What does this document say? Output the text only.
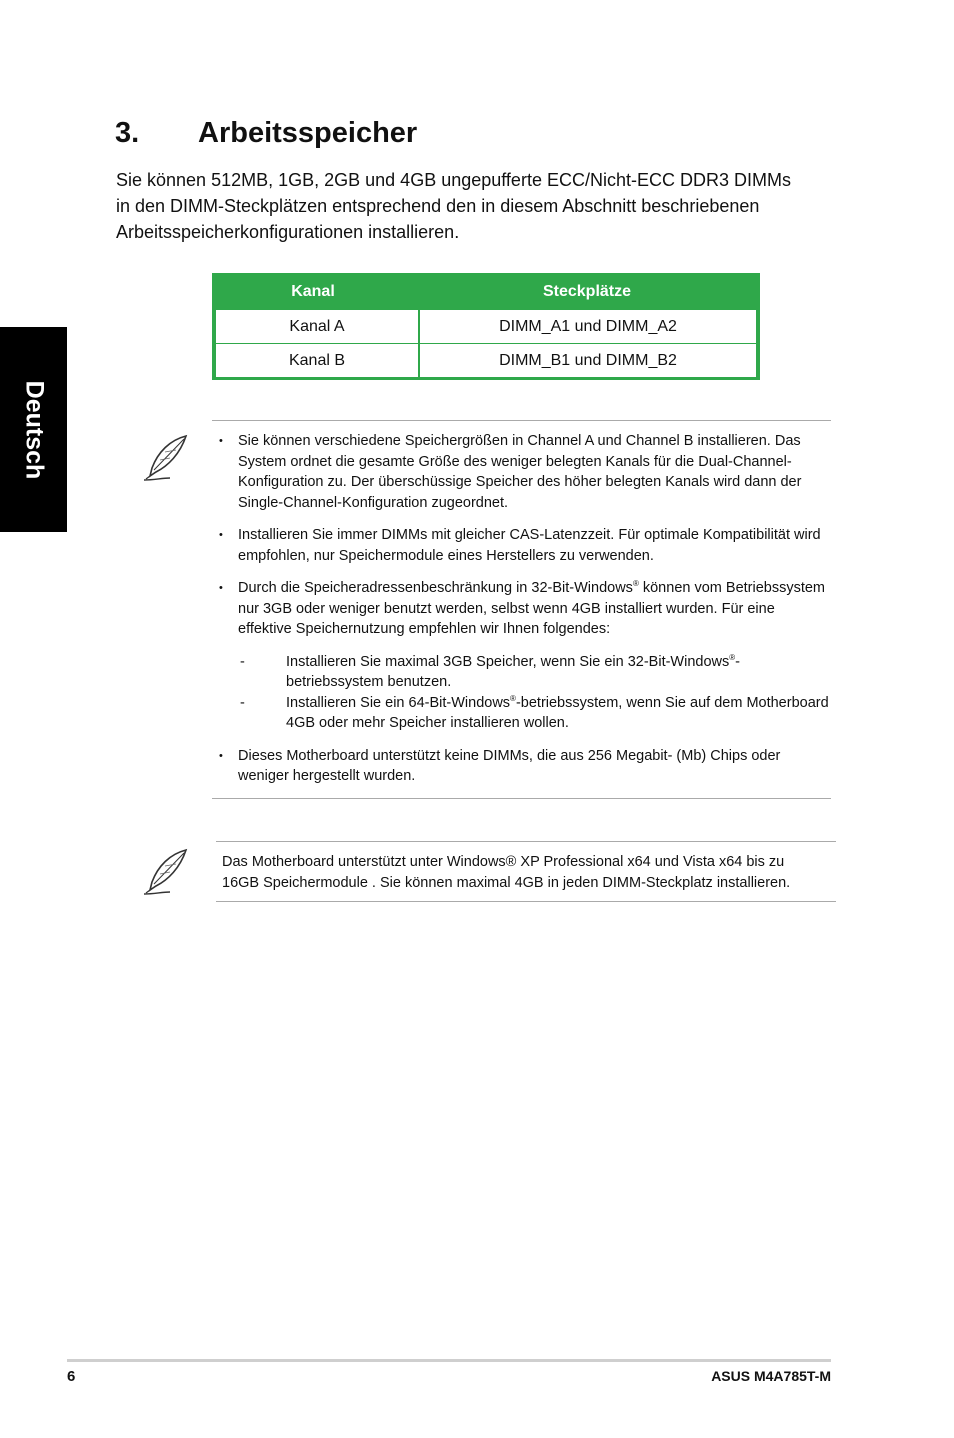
Deutsch
3. Arbeitsspeicher

Sie können 512MB, 1GB, 2GB und 4GB ungepufferte ECC/Nicht-ECC DDR3 DIMMs in den DIMM-Steckplätzen entsprechend den in diesem Abschnitt beschriebenen Arbeitsspeicherkonfigurationen installieren.

Kanal	Steckplätze
Kanal A	DIMM_A1 und DIMM_A2
Kanal B	DIMM_B1 und DIMM_B2

• Sie können verschiedene Speichergrößen in Channel A und Channel B installieren. Das System ordnet die gesamte Größe des weniger belegten Kanals für die Dual-Channel-Konfiguration zu. Der überschüssige Speicher des höher belegten Kanals wird dann der Single-Channel-Konfiguration zugeordnet.

• Installieren Sie immer DIMMs mit gleicher CAS-Latenzzeit. Für optimale Kompatibilität wird empfohlen, nur Speichermodule eines Herstellers zu verwenden.

• Durch die Speicheradressenbeschränkung in 32-Bit-Windows® können vom Betriebssystem nur 3GB oder weniger benutzt werden, selbst wenn 4GB installiert wurden. Für eine effektive Speichernutzung empfehlen wir Ihnen folgendes:

-	Installieren Sie maximal 3GB Speicher, wenn Sie ein 32-Bit-Windows®-betriebssystem benutzen.

-	Installieren Sie ein 64-Bit-Windows®-betriebssystem, wenn Sie auf dem Motherboard 4GB oder mehr Speicher installieren wollen.

• Dieses Motherboard unterstützt keine DIMMs, die aus 256 Megabit- (Mb) Chips oder weniger hergestellt wurden.

Das Motherboard unterstützt unter Windows® XP Professional x64 und Vista x64 bis zu 16GB Speichermodule . Sie können maximal 4GB in jeden DIMM-Steckplatz installieren.

6	ASUS M4A785T-M
